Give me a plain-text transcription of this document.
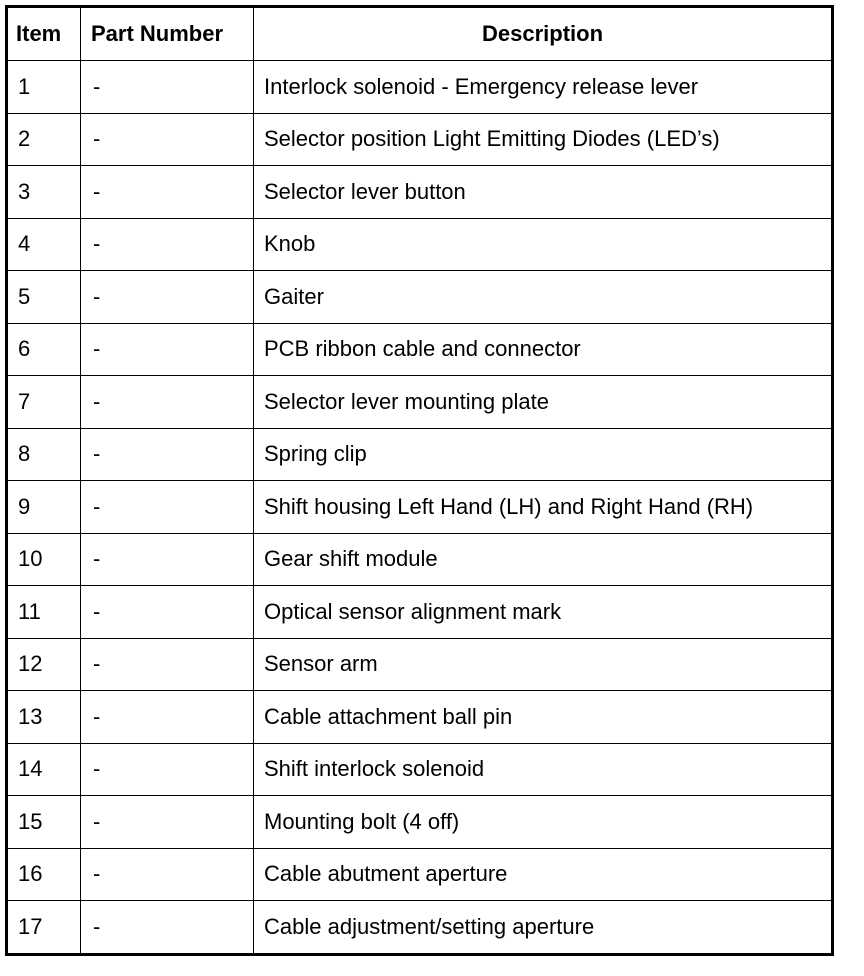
Item	Part Number	Description
1	-	Interlock solenoid - Emergency release lever
2	-	Selector position Light Emitting Diodes (LED’s)
3	-	Selector lever button
4	-	Knob
5	-	Gaiter
6	-	PCB ribbon cable and connector
7	-	Selector lever mounting plate
8	-	Spring clip
9	-	Shift housing Left Hand (LH) and Right Hand (RH)
10	-	Gear shift module
11	-	Optical sensor alignment mark
12	-	Sensor arm
13	-	Cable attachment ball pin
14	-	Shift interlock solenoid
15	-	Mounting bolt (4 off)
16	-	Cable abutment aperture
17	-	Cable adjustment/setting aperture
